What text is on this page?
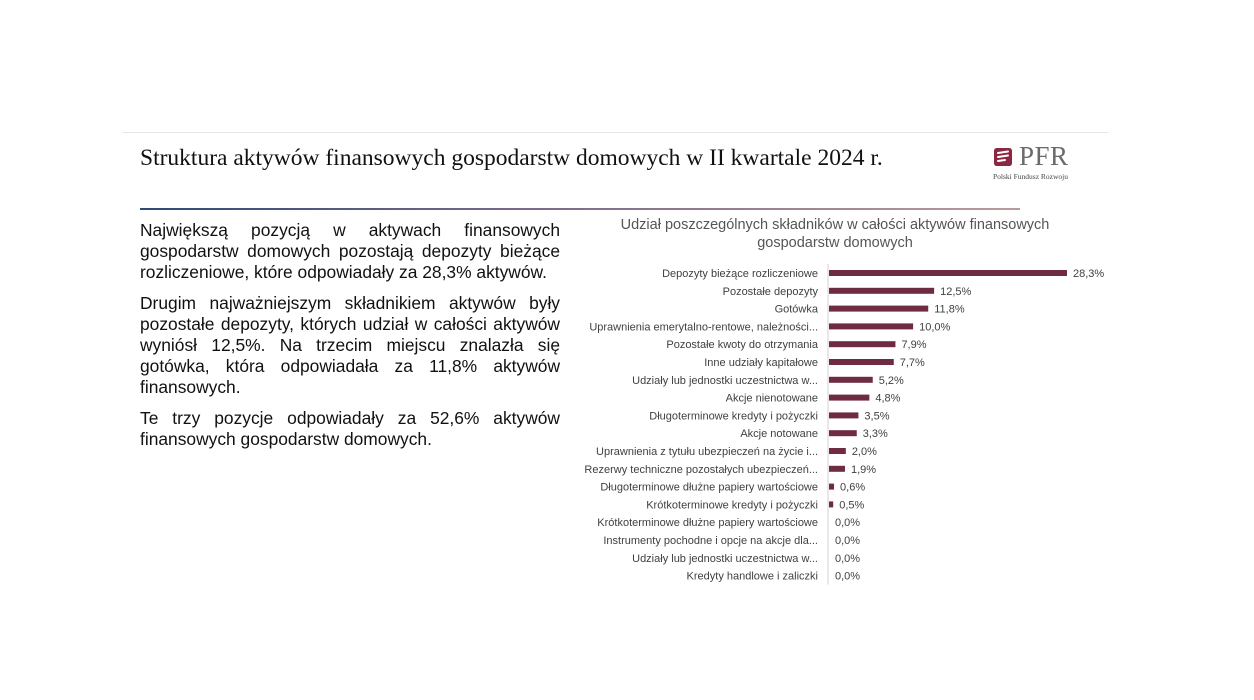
Struktura aktywów finansowych gospodarstw domowych w II kwartale 2024 r.	PFR
Polski Fundusz Rozwoju

Największą pozycją w aktywach finansowych gospodarstw domowych pozostają depozyty bieżące rozliczeniowe, które odpowiadały za 28,3% aktywów.

Drugim najważniejszym składnikiem aktywów były pozostałe depozyty, których udział w całości aktywów wyniósł 12,5%. Na trzecim miejscu znalazła się gotówka, która odpowiadała za 11,8% aktywów finansowych.

Te trzy pozycje odpowiadały za 52,6% aktywów finansowych gospodarstw domowych.

Udział poszczególnych składników w całości aktywów finansowych gospodarstw domowych
Depozyty bieżące rozliczeniowe	28,3%
Pozostałe depozyty	12,5%
Gotówka	11,8%
Uprawnienia emerytalno-rentowe, należności...	10,0%
Pozostałe kwoty do otrzymania	7,9%
Inne udziały kapitałowe	7,7%
Udziały lub jednostki uczestnictwa w...	5,2%
Akcje nienotowane	4,8%
Długoterminowe kredyty i pożyczki	3,5%
Akcje notowane	3,3%
Uprawnienia z tytułu ubezpieczeń na życie i...	2,0%
Rezerwy techniczne pozostałych ubezpieczeń...	1,9%
Długoterminowe dłużne papiery wartościowe 0,6%
Krótkoterminowe kredyty i pożyczki 0,5%
Krótkoterminowe dłużne papiery wartościowe 0,0%
Instrumenty pochodne i opcje na akcje dla... 0,0%
Udziały lub jednostki uczestnictwa w... 0,0%
Kredyty handlowe i zaliczki 0,0%
